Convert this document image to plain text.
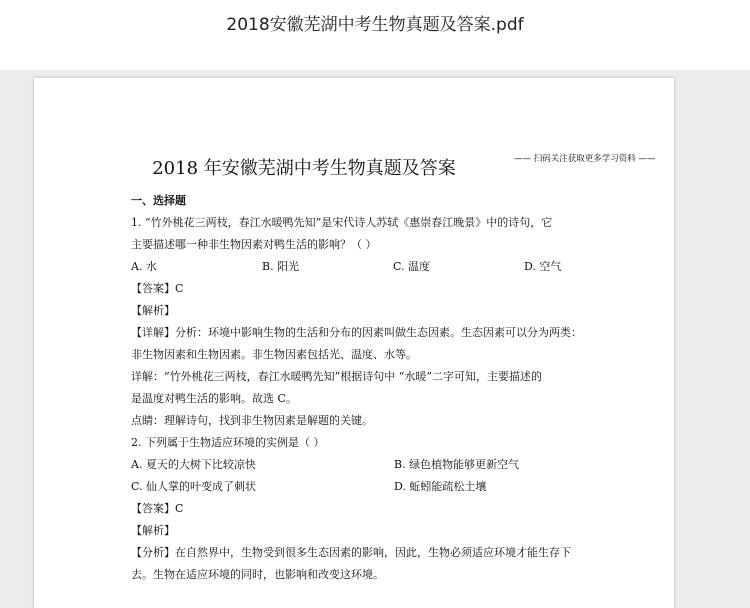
2018安徽芜湖中考生物真题及答案.pdf
—— 扫码关注获取更多学习资料 ——
2018 年安徽芜湖中考生物真题及答案
一、选择题
1. “竹外桃花三两枝，春江水暖鸭先知”是宋代诗人苏轼《惠崇春江晚景》中的诗句，它
主要描述哪一种非生物因素对鸭生活的影响？（ ）
A. 水	B. 阳光	C. 温度	D. 空气
【答案】C
【解析】
【详解】分析：环境中影响生物的生活和分布的因素叫做生态因素。生态因素可以分为两类：
非生物因素和生物因素。非生物因素包括光、温度、水等。
详解：“竹外桃花三两枝，春江水暖鸭先知”根据诗句中 “水暖”二字可知，主要描述的
是温度对鸭生活的影响。故选 C。
点睛：理解诗句，找到非生物因素是解题的关键。
2. 下列属于生物适应环境的实例是（ ）
A. 夏天的大树下比较凉快	B. 绿色植物能够更新空气
C. 仙人掌的叶变成了刺状	D. 蚯蚓能疏松土壤
【答案】C
【解析】
【分析】在自然界中，生物受到很多生态因素的影响，因此，生物必须适应环境才能生存下
去。生物在适应环境的同时，也影响和改变这环境。
